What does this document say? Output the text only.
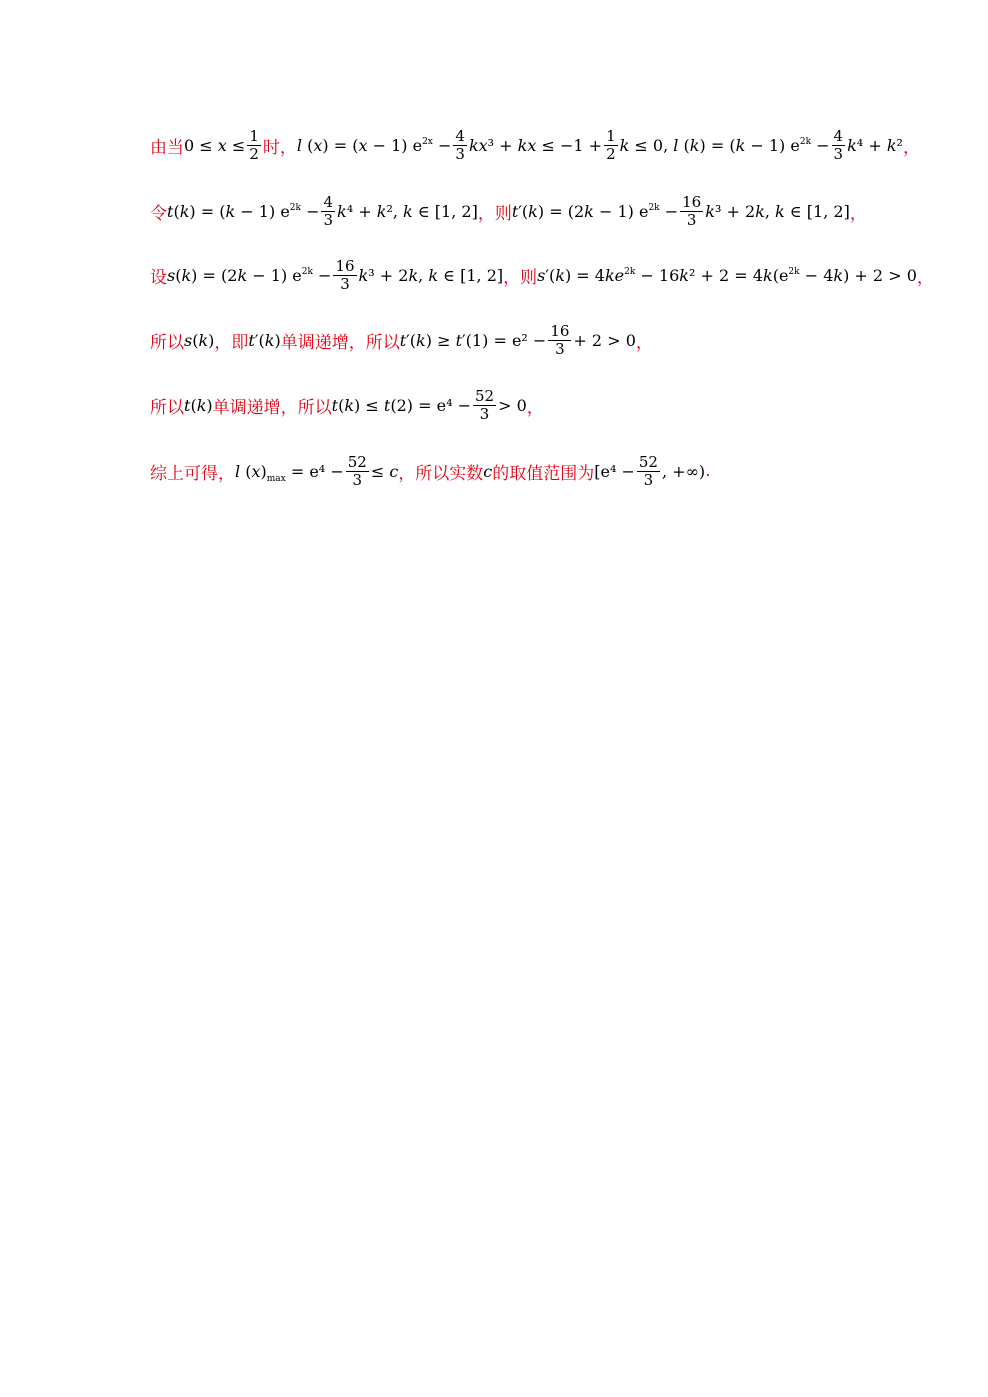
由当 $0 \le x \le \frac{1}{2}$ 时， l (x) = (x − 1) $e^{2x} - \frac{4}{3} kx^3$ + kx ≤ $-1 + \frac{1}{2}$ k ≤ 0, l (k) = (k − 1) $e^{2k} - \frac{4}{3} k^4 + k^2$ ，
令 t(k) = (k − 1) $e^{2k} - \frac{4}{3} k^4 + k^2$, k ∈ [1, 2] ，则 t′(k) = (2k − 1) $e^{2k} - \frac{16}{3} k^3 + 2k$, k ∈ [1, 2] ，
设 s(k) = (2k − 1) $e^{2k} - \frac{16}{3} k^3 + 2k$, k ∈ [1, 2] ，则 $s'(k) = 4ke^{2k} - 16k^2 + 2 = 4k(e^{2k} - 4k) + 2 > 0$ ，
所以 s(k) ，即 t′(k) 单调递增，所以 $t'(k) \ge t'(1) = e^2 - \frac{16}{3} + 2 > 0$ ，
所以 t(k) 单调递增，所以 $t(k) \le t(2) = e^4 - \frac{52}{3} > 0$ ，
综上可得， l $(x)_{max} = e^4 - \frac{52}{3} \le c$ ，所以实数 c 的取值范围为 [$e^4 - \frac{52}{3}$ , +∞) .
